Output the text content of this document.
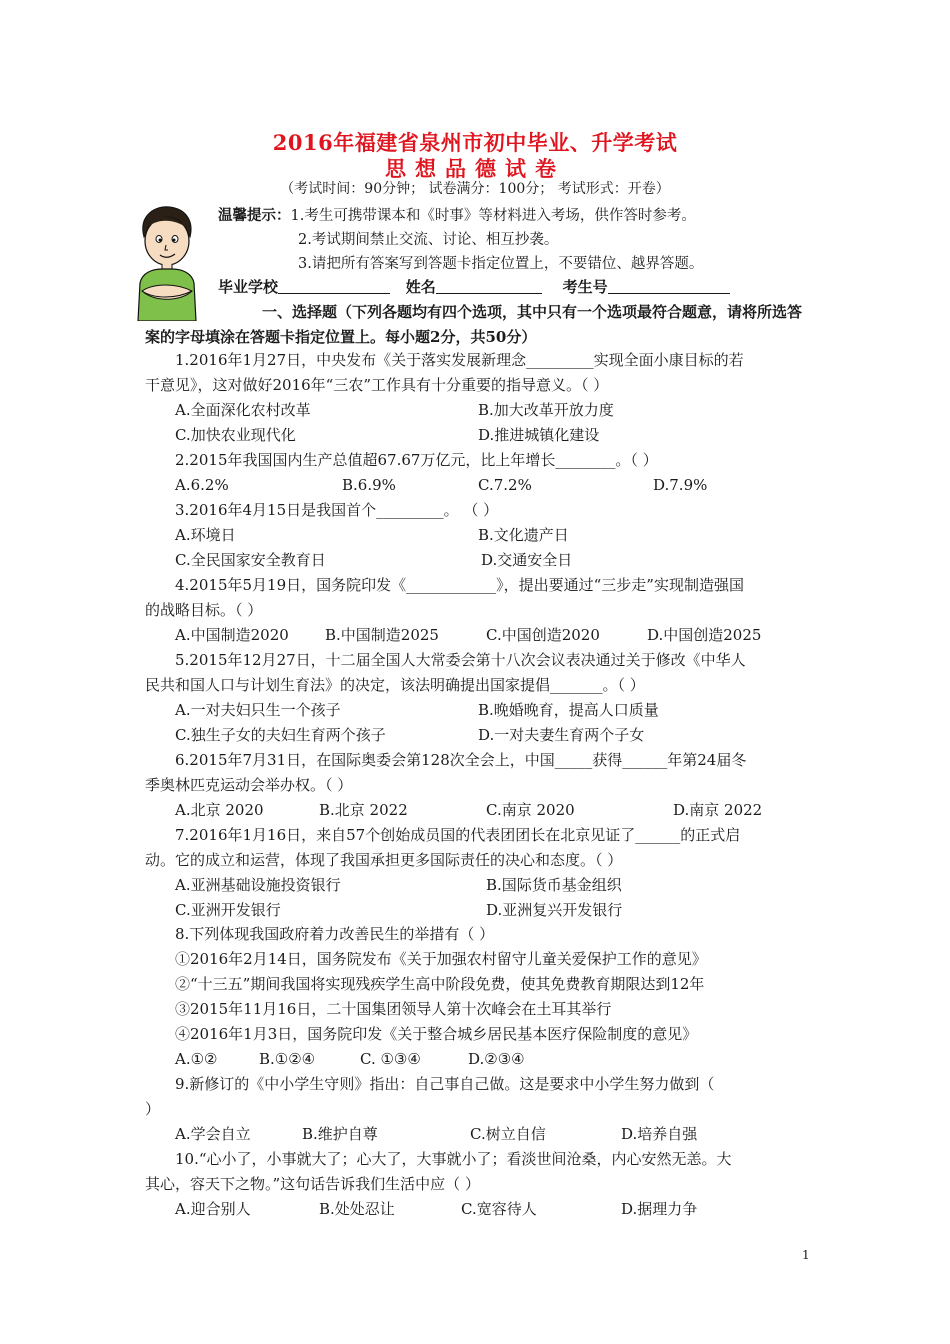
2016年福建省泉州市初中毕业、升学考试
思想品德试卷
（考试时间：90分钟； 试卷满分：100分； 考试形式：开卷）
温馨提示：1.考生可携带课本和《时事》等材料进入考场，供作答时参考。
2.考试期间禁止交流、讨论、相互抄袭。
3.请把所有答案写到答题卡指定位置上，不要错位、越界答题。
毕业学校	姓名	考生号
一、选择题（下列各题均有四个选项，其中只有一个选项最符合题意，请将所选答案的字母填涂在答题卡指定位置上。每小题2分，共50分）
1.2016年1月27日，中央发布《关于落实发展新理念_________实现全面小康目标的若
干意见》，这对做好2016年“三农”工作具有十分重要的指导意义。（ ）
A.全面深化农村改革	B.加大改革开放力度
C.加快农业现代化	D.推进城镇化建设
2.2015年我国国内生产总值超67.67万亿元，比上年增长________。（ ）
A.6.2%	B.6.9%	C.7.2%	D.7.9%
3.2016年4月15日是我国首个_________。 （ ）
A.环境日	B.文化遗产日
C.全民国家安全教育日	D.交通安全日
4.2015年5月19日，国务院印发《____________》，提出要通过“三步走”实现制造强国
的战略目标。（ ）
A.中国制造2020 B.中国制造2025	C.中国创造2020	D.中国创造2025
5.2015年12月27日，十二届全国人大常委会第十八次会议表决通过关于修改《中华人
民共和国人口与计划生育法》的决定，该法明确提出国家提倡_______。（ ）
A.一对夫妇只生一个孩子	B.晚婚晚育，提高人口质量
C.独生子女的夫妇生育两个孩子	D.一对夫妻生育两个子女
6.2015年7月31日，在国际奥委会第128次全会上，中国_____获得______年第24届冬
季奥林匹克运动会举办权。（ ）
A.北京 2020	B.北京 2022	C.南京 2020	D.南京 2022
7.2016年1月16日，来自57个创始成员国的代表团团长在北京见证了______的正式启
动。它的成立和运营，体现了我国承担更多国际责任的决心和态度。（ ）
A.亚洲基础设施投资银行	B.国际货币基金组织
C.亚洲开发银行	D.亚洲复兴开发银行
8.下列体现我国政府着力改善民生的举措有（ ）
①2016年2月14日，国务院发布《关于加强农村留守儿童关爱保护工作的意见》
②“十三五”期间我国将实现残疾学生高中阶段免费，使其免费教育期限达到12年
③2015年11月16日，二十国集团领导人第十次峰会在土耳其举行
④2016年1月3日，国务院印发《关于整合城乡居民基本医疗保险制度的意见》
A.①②	B.①②④	C. ①③④	D.②③④
9.新修订的《中小学生守则》指出：自己事自己做。这是要求中小学生努力做到（
）
A.学会自立	B.维护自尊	C.树立自信	D.培养自强
10.“心小了，小事就大了；心大了，大事就小了；看淡世间沧桑，内心安然无恙。大
其心，容天下之物。”这句话告诉我们生活中应（ ）
A.迎合别人	B.处处忍让	C.宽容待人	D.据理力争
1
